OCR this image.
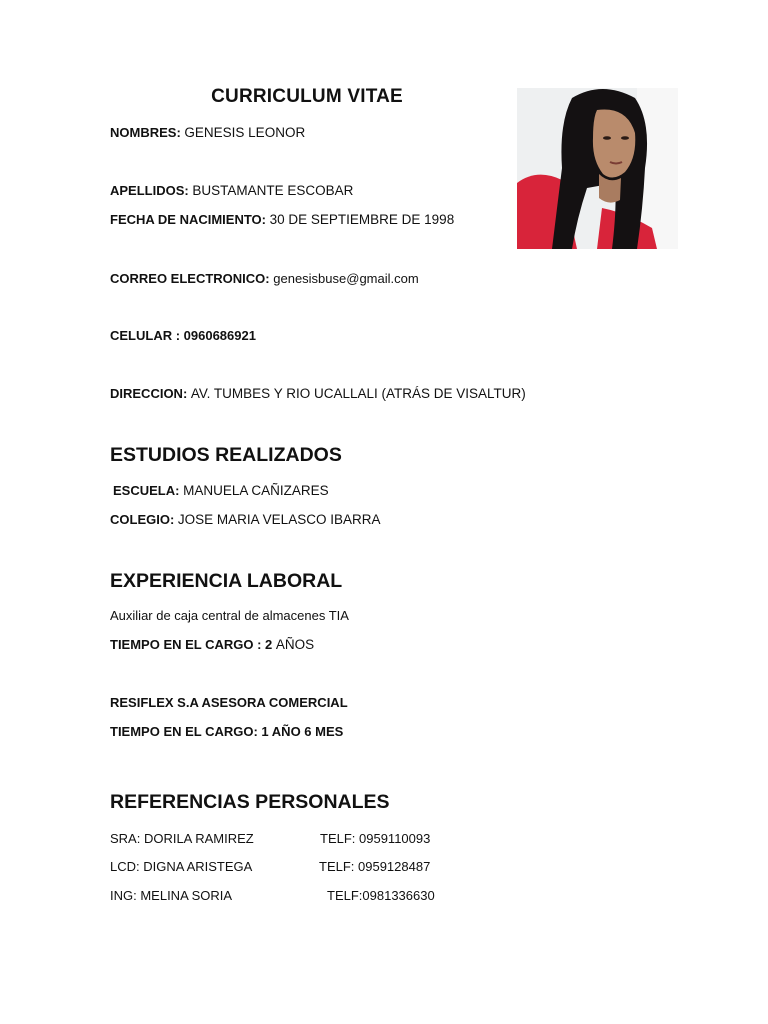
CURRICULUM VITAE
NOMBRES: GENESIS LEONOR
APELLIDOS: BUSTAMANTE ESCOBAR
FECHA DE NACIMIENTO: 30 DE SEPTIEMBRE DE 1998
CORREO ELECTRONICO: genesisbuse@gmail.com
CELULAR : 0960686921
DIRECCION: AV. TUMBES Y RIO UCALLALI (ATRÁS DE VISALTUR)
ESTUDIOS REALIZADOS
ESCUELA: MANUELA CAÑIZARES
COLEGIO: JOSE MARIA VELASCO IBARRA
EXPERIENCIA LABORAL
Auxiliar de caja central de almacenes TIA
TIEMPO EN EL CARGO : 2 AÑOS
RESIFLEX S.A ASESORA COMERCIAL
TIEMPO EN EL CARGO: 1 AÑO 6 MES
REFERENCIAS PERSONALES
SRA: DORILA RAMIREZ	TELF: 0959110093
LCD: DIGNA ARISTEGA	TELF: 0959128487
ING: MELINA SORIA	TELF:0981336630
